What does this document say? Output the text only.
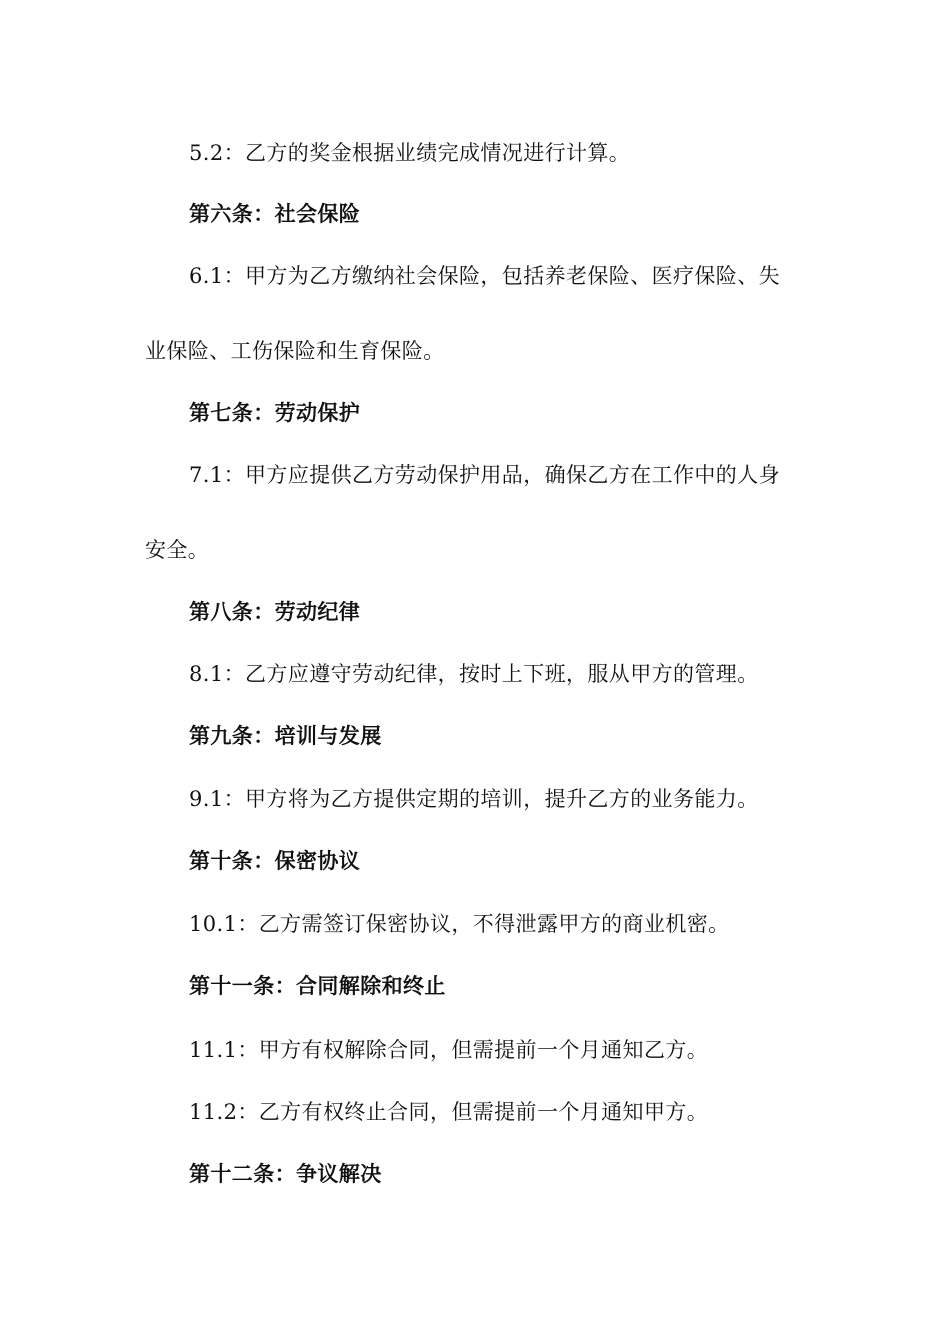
5.2：乙方的奖金根据业绩完成情况进行计算。
第六条：社会保险
6.1：甲方为乙方缴纳社会保险，包括养老保险、医疗保险、失
业保险、工伤保险和生育保险。
第七条：劳动保护
7.1：甲方应提供乙方劳动保护用品，确保乙方在工作中的人身
安全。
第八条：劳动纪律
8.1：乙方应遵守劳动纪律，按时上下班，服从甲方的管理。
第九条：培训与发展
9.1：甲方将为乙方提供定期的培训，提升乙方的业务能力。
第十条：保密协议
10.1：乙方需签订保密协议，不得泄露甲方的商业机密。
第十一条：合同解除和终止
11.1：甲方有权解除合同，但需提前一个月通知乙方。
11.2：乙方有权终止合同，但需提前一个月通知甲方。
第十二条：争议解决
